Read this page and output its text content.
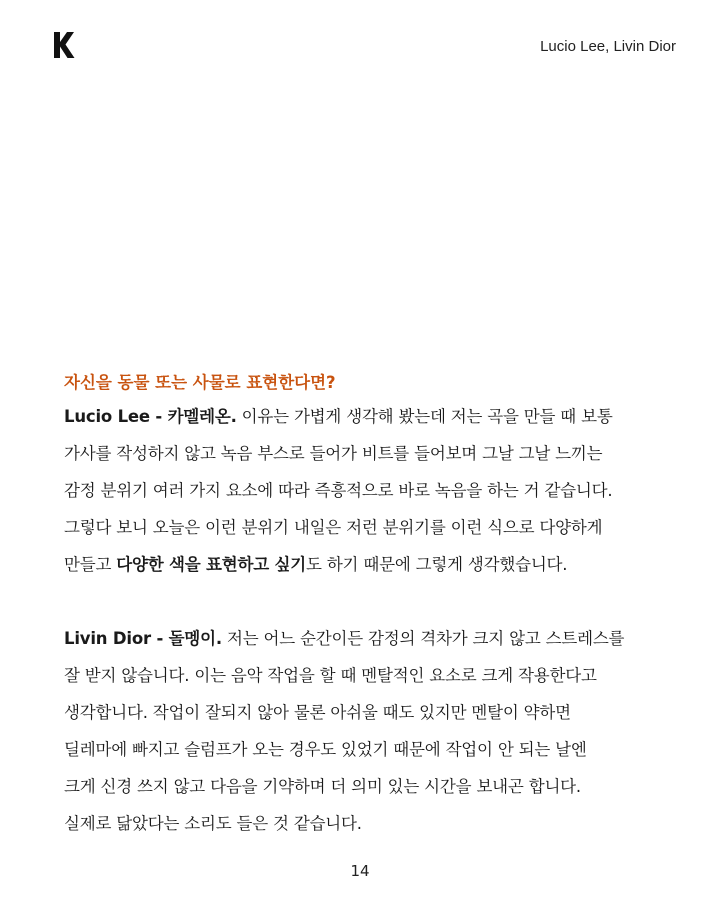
Lucio Lee, Livin Dior

자신을 동물 또는 사물로 표현한다면?

Lucio Lee - 카멜레온. 이유는 가볍게 생각해 봤는데 저는 곡을 만들 때 보통
가사를 작성하지 않고 녹음 부스로 들어가 비트를 들어보며 그날 그날 느끼는
감정 분위기 여러 가지 요소에 따라 즉흥적으로 바로 녹음을 하는 거 같습니다.
그렇다 보니 오늘은 이런 분위기 내일은 저런 분위기를 이런 식으로 다양하게
만들고 다양한 색을 표현하고 싶기도 하기 때문에 그렇게 생각했습니다.
Livin Dior - 돌멩이. 저는 어느 순간이든 감정의 격차가 크지 않고 스트레스를
잘 받지 않습니다. 이는 음악 작업을 할 때 멘탈적인 요소로 크게 작용한다고
생각합니다. 작업이 잘되지 않아 물론 아쉬울 때도 있지만 멘탈이 약하면
딜레마에 빠지고 슬럼프가 오는 경우도 있었기 때문에 작업이 안 되는 날엔
크게 신경 쓰지 않고 다음을 기약하며 더 의미 있는 시간을 보내곤 합니다.
실제로 닮았다는 소리도 들은 것 같습니다.
14
